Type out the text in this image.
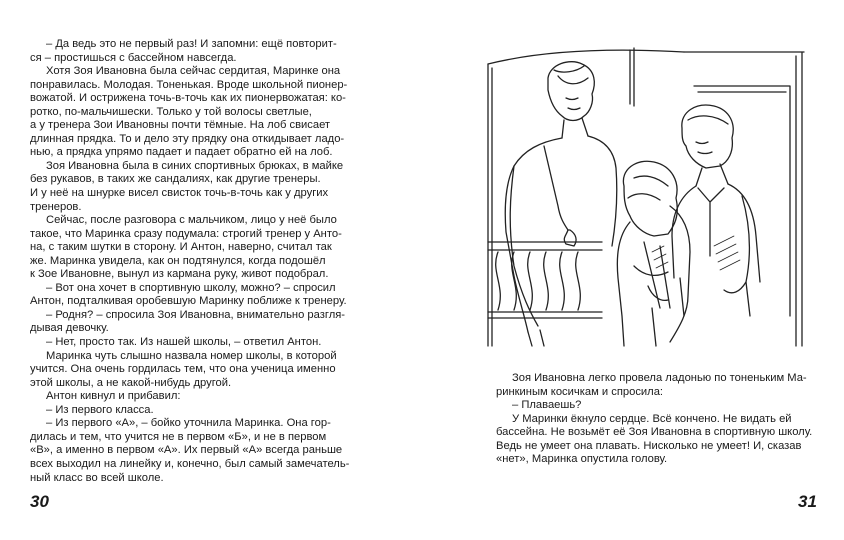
– Да ведь это не первый раз! И запомни: ещё повторит-
ся – простишься с бассейном навсегда.
Хотя Зоя Ивановна была сейчас сердитая, Маринке она
понравилась. Молодая. Тоненькая. Вроде школьной пионер-
вожатой. И острижена точь-в-точь как их пионервожатая: ко-
ротко, по-мальчишески. Только у той волосы светлые,
а у тренера Зои Ивановны почти тёмные. На лоб свисает
длинная прядка. То и дело эту прядку она откидывает ладо-
нью, а прядка упрямо падает и падает обратно ей на лоб.
Зоя Ивановна была в синих спортивных брюках, в майке
без рукавов, в таких же сандалиях, как другие тренеры.
И у неё на шнурке висел свисток точь-в-точь как у других
тренеров.
Сейчас, после разговора с мальчиком, лицо у неё было
такое, что Маринка сразу подумала: строгий тренер у Анто-
на, с таким шутки в сторону. И Антон, наверно, считал так
же. Маринка увидела, как он подтянулся, когда подошёл
к Зое Ивановне, вынул из кармана руку, живот подобрал.
– Вот она хочет в спортивную школу, можно? – спросил
Антон, подталкивая оробевшую Маринку поближе к тренеру.
– Родня? – спросила Зоя Ивановна, внимательно разгля-
дывая девочку.
– Нет, просто так. Из нашей школы, – ответил Антон.
Маринка чуть слышно назвала номер школы, в которой
учится. Она очень гордилась тем, что она ученица именно
этой школы, а не какой-нибудь другой.
Антон кивнул и прибавил:
– Из первого класса.
– Из первого «А», – бойко уточнила Маринка. Она гор-
дилась и тем, что учится не в первом «Б», и не в первом
«В», а именно в первом «А». Их первый «А» всегда раньше
всех выходил на линейку и, конечно, был самый замечатель-
ный класс во всей школе.

30

Зоя Ивановна легко провела ладонью по тоненьким Ма-
ринкиным косичкам и спросила:
– Плаваешь?
У Маринки ёкнуло сердце. Всё кончено. Не видать ей
бассейна. Не возьмёт её Зоя Ивановна в спортивную школу.
Ведь не умеет она плавать. Нисколько не умеет! И, сказав
«нет», Маринка опустила голову.

31
